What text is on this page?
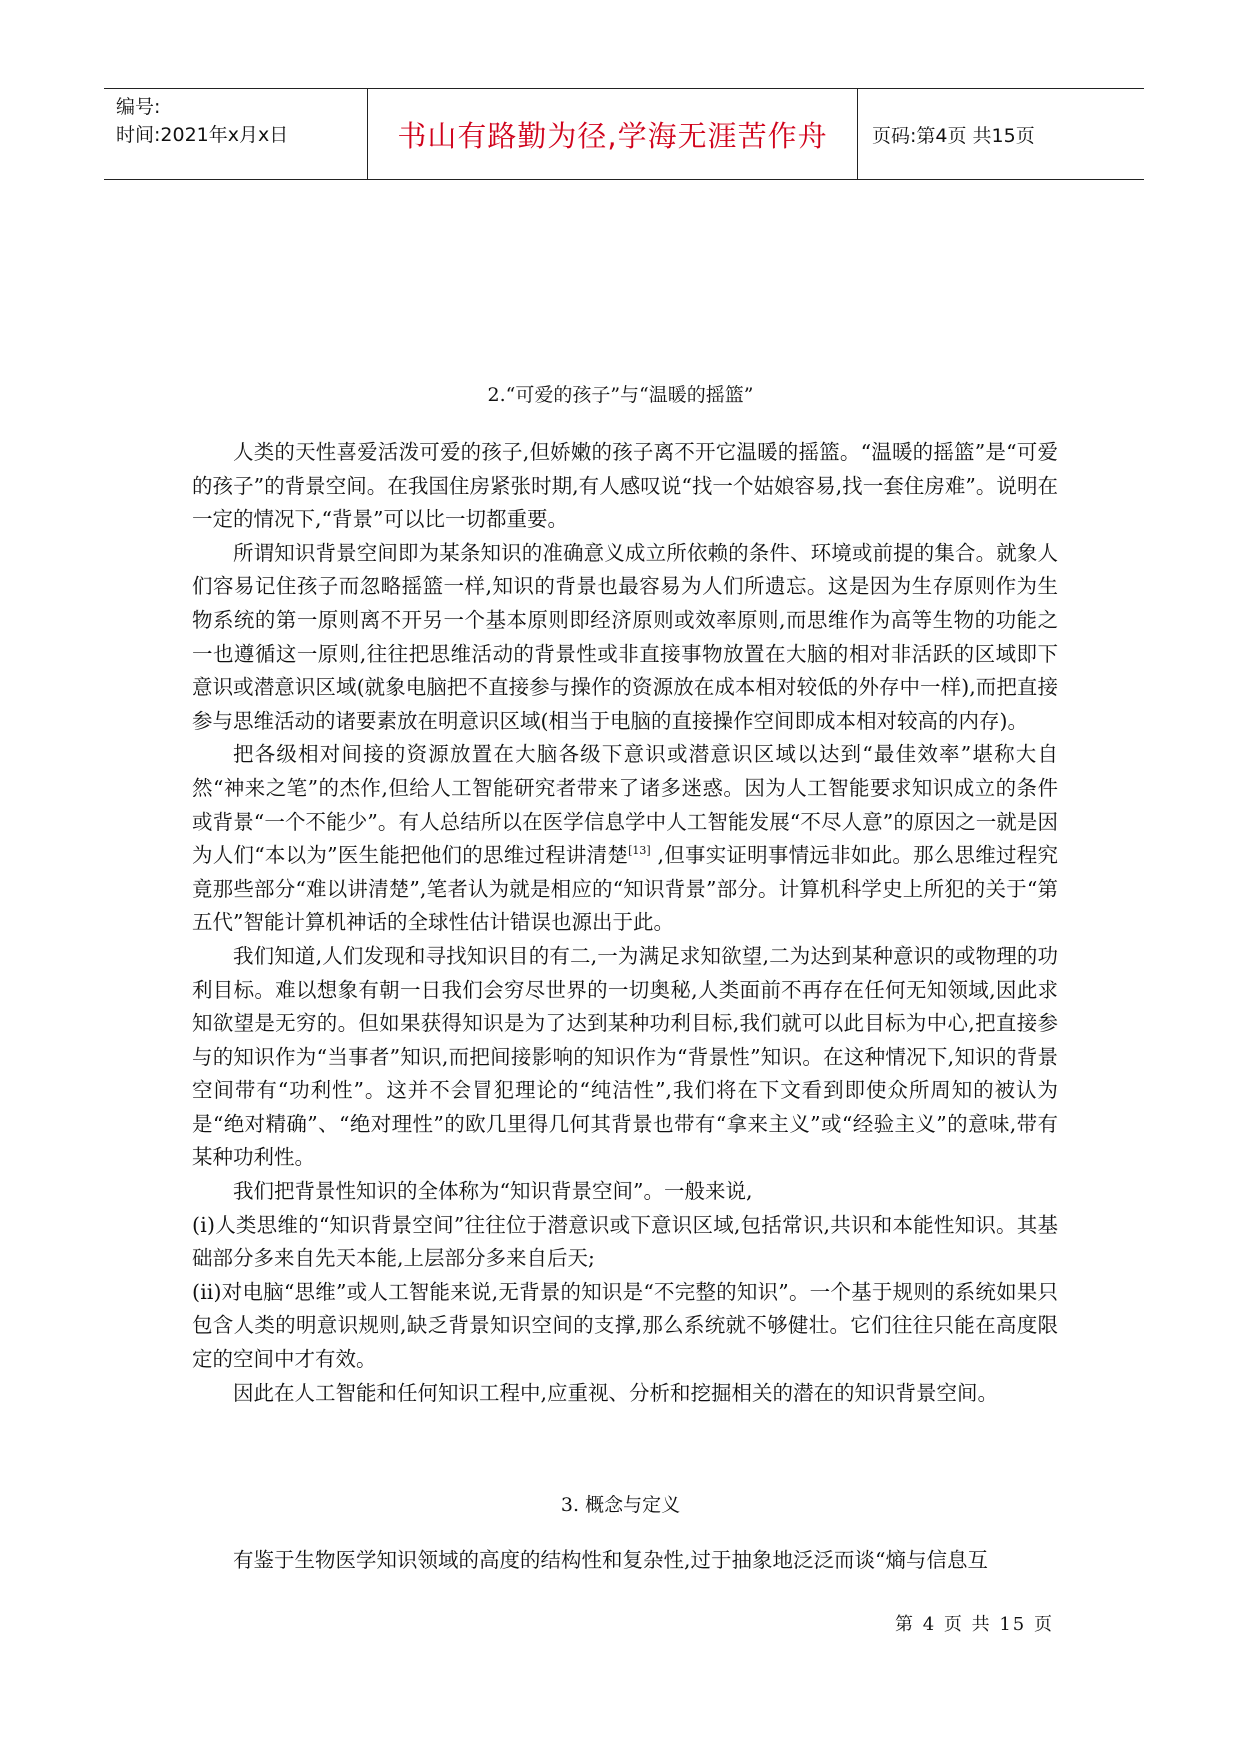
编号:
时间:2021年x月x日	书山有路勤为径,学海无涯苦作舟	页码:第4页 共15页
2.“可爱的孩子”与“温暖的摇篮”

人类的天性喜爱活泼可爱的孩子,但娇嫩的孩子离不开它温暖的摇篮。“温暖的摇篮”是“可爱的孩子”的背景空间。在我国住房紧张时期,有人感叹说“找一个姑娘容易,找一套住房难”。说明在一定的情况下,“背景”可以比一切都重要。

所谓知识背景空间即为某条知识的准确意义成立所依赖的条件、环境或前提的集合。就象人们容易记住孩子而忽略摇篮一样,知识的背景也最容易为人们所遗忘。这是因为生存原则作为生物系统的第一原则离不开另一个基本原则即经济原则或效率原则,而思维作为高等生物的功能之一也遵循这一原则,往往把思维活动的背景性或非直接事物放置在大脑的相对非活跃的区域即下意识或潜意识区域(就象电脑把不直接参与操作的资源放在成本相对较低的外存中一样),而把直接参与思维活动的诸要素放在明意识区域(相当于电脑的直接操作空间即成本相对较高的内存)。

把各级相对间接的资源放置在大脑各级下意识或潜意识区域以达到“最佳效率”堪称大自然“神来之笔”的杰作,但给人工智能研究者带来了诸多迷惑。因为人工智能要求知识成立的条件或背景“一个不能少”。有人总结所以在医学信息学中人工智能发展“不尽人意”的原因之一就是因为人们“本以为”医生能把他们的思维过程讲清楚[13] ,但事实证明事情远非如此。那么思维过程究竟那些部分“难以讲清楚”,笔者认为就是相应的“知识背景”部分。计算机科学史上所犯的关于“第五代”智能计算机神话的全球性估计错误也源出于此。

我们知道,人们发现和寻找知识目的有二,一为满足求知欲望,二为达到某种意识的或物理的功利目标。难以想象有朝一日我们会穷尽世界的一切奥秘,人类面前不再存在任何无知领域,因此求知欲望是无穷的。但如果获得知识是为了达到某种功利目标,我们就可以此目标为中心,把直接参与的知识作为“当事者”知识,而把间接影响的知识作为“背景性”知识。在这种情况下,知识的背景空间带有“功利性”。这并不会冒犯理论的“纯洁性”,我们将在下文看到即使众所周知的被认为是“绝对精确”、“绝对理性”的欧几里得几何其背景也带有“拿来主义”或“经验主义”的意味,带有某种功利性。

我们把背景性知识的全体称为“知识背景空间”。一般来说,

(ⅰ)人类思维的“知识背景空间”往往位于潜意识或下意识区域,包括常识,共识和本能性知识。其基础部分多来自先天本能,上层部分多来自后天;

(ⅱ)对电脑“思维”或人工智能来说,无背景的知识是“不完整的知识”。一个基于规则的系统如果只包含人类的明意识规则,缺乏背景知识空间的支撑,那么系统就不够健壮。它们往往只能在高度限定的空间中才有效。

因此在人工智能和任何知识工程中,应重视、分析和挖掘相关的潜在的知识背景空间。

3. 概念与定义

有鉴于生物医学知识领域的高度的结构性和复杂性,过于抽象地泛泛而谈“熵与信息互

第 4 页 共 15 页
